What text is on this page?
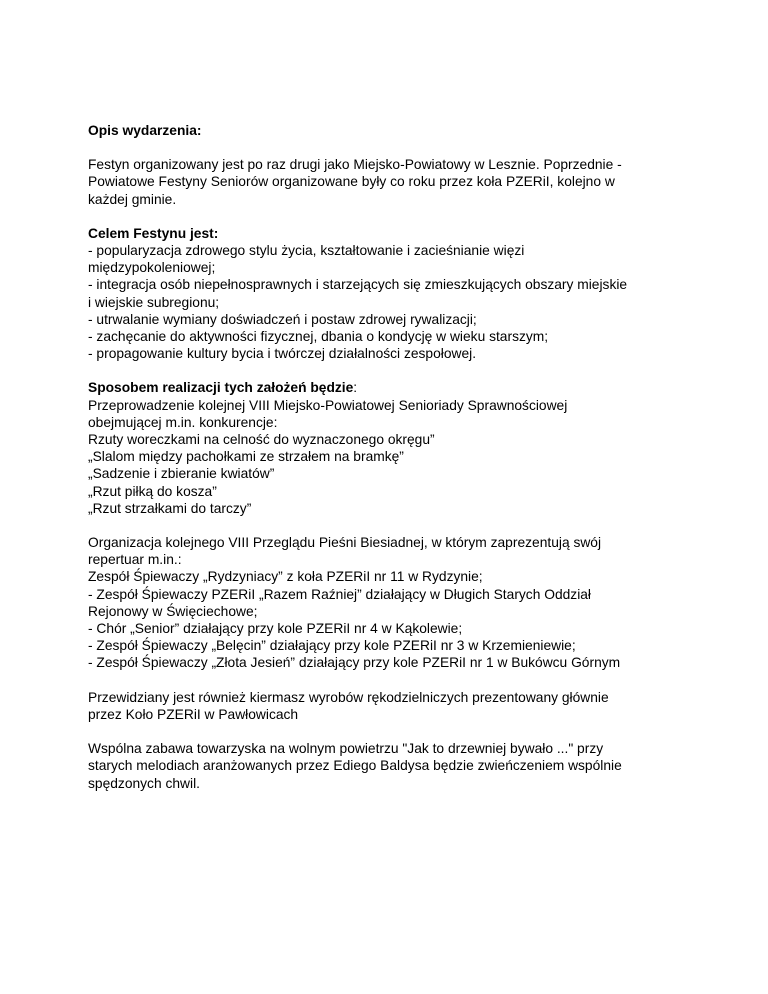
Opis wydarzenia:
Festyn organizowany jest po raz drugi jako Miejsko-Powiatowy w Lesznie. Poprzednie -
Powiatowe Festyny Seniorów organizowane były co roku przez koła PZERiI, kolejno w
każdej gminie.
Celem Festynu jest:
- popularyzacja zdrowego stylu życia, kształtowanie i zacieśnianie więzi
międzypokoleniowej;
- integracja osób niepełnosprawnych i starzejących się zmieszkujących obszary miejskie
i wiejskie subregionu;
- utrwalanie wymiany doświadczeń i postaw zdrowej rywalizacji;
- zachęcanie do aktywności fizycznej, dbania o kondycję w wieku starszym;
- propagowanie kultury bycia i twórczej działalności zespołowej.
Sposobem realizacji tych założeń będzie:
Przeprowadzenie kolejnej VIII Miejsko-Powiatowej Senioriady Sprawnościowej
obejmującej m.in. konkurencje:
Rzuty woreczkami na celność do wyznaczonego okręgu”
„Slalom między pachołkami ze strzałem na bramkę”
„Sadzenie i zbieranie kwiatów”
„Rzut piłką do kosza”
„Rzut strzałkami do tarczy”
Organizacja kolejnego VIII Przeglądu Pieśni Biesiadnej, w którym zaprezentują swój
repertuar m.in.:
Zespół Śpiewaczy „Rydzyniacy” z koła PZERiI nr 11 w Rydzynie;
- Zespół Śpiewaczy PZERiI „Razem Raźniej” działający w Długich Starych Oddział
Rejonowy w Święciechowe;
- Chór „Senior” działający przy kole PZERiI nr 4 w Kąkolewie;
- Zespół Śpiewaczy „Belęcin” działający przy kole PZERiI nr 3 w Krzemieniewie;
- Zespół Śpiewaczy „Złota Jesień” działający przy kole PZERiI nr 1 w Bukówcu Górnym
Przewidziany jest również kiermasz wyrobów rękodzielniczych prezentowany głównie
przez Koło PZERiI w Pawłowicach
Wspólna zabawa towarzyska na wolnym powietrzu "Jak to drzewniej bywało ..." przy
starych melodiach aranżowanych przez Ediego Baldysa będzie zwieńczeniem wspólnie
spędzonych chwil.
